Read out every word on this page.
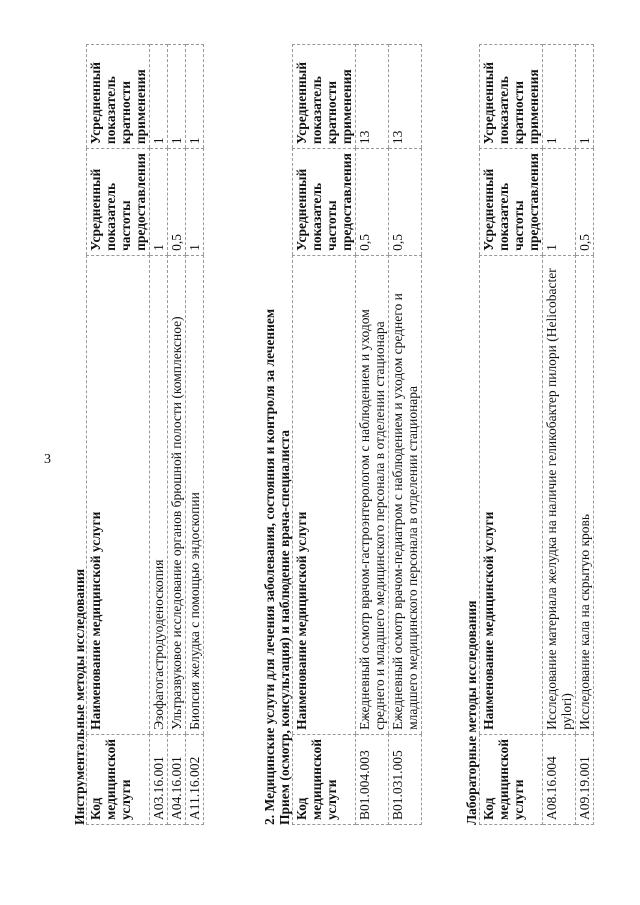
3
Инструментальные методы исследования Код медицинской услуги	Наименование медицинской услуги	Усредненный показатель частоты предоставления	Усредненный показатель кратности применения
A03.16.001	Эзофагогастродуоденоскопия	1	1
A04.16.001	Ультразвуковое исследование органов брюшной полости (комплексное)	0,5	1
A11.16.002	Биопсия желудка с помощью эндоскопии	1	1
2. Медицинские услуги для лечения заболевания, состояния и контроля за лечением Прием (осмотр, консультация) и наблюдение врача-специалиста Код медицинской услуги	Наименование медицинской услуги	Усредненный показатель частоты предоставления	Усредненный показатель кратности применения
B01.004.003	Ежедневный осмотр врачом-гастроэнтерологом с наблюдением и уходом среднего и младшего медицинского персонала в отделении стационара	0,5	13
B01.031.005	Ежедневный осмотр врачом-педиатром с наблюдением и уходом среднего и младшего медицинского персонала в отделении стационара	0,5	13
Лабораторные методы исследования Код медицинской услуги	Наименование медицинской услуги	Усредненный показатель частоты предоставления	Усредненный показатель кратности применения
A08.16.004	Исследование материала желудка на наличие геликобактер пилори (Helicobacter pylori)	1	1
A09.19.001	Исследование кала на скрытую кровь	0,5	1
